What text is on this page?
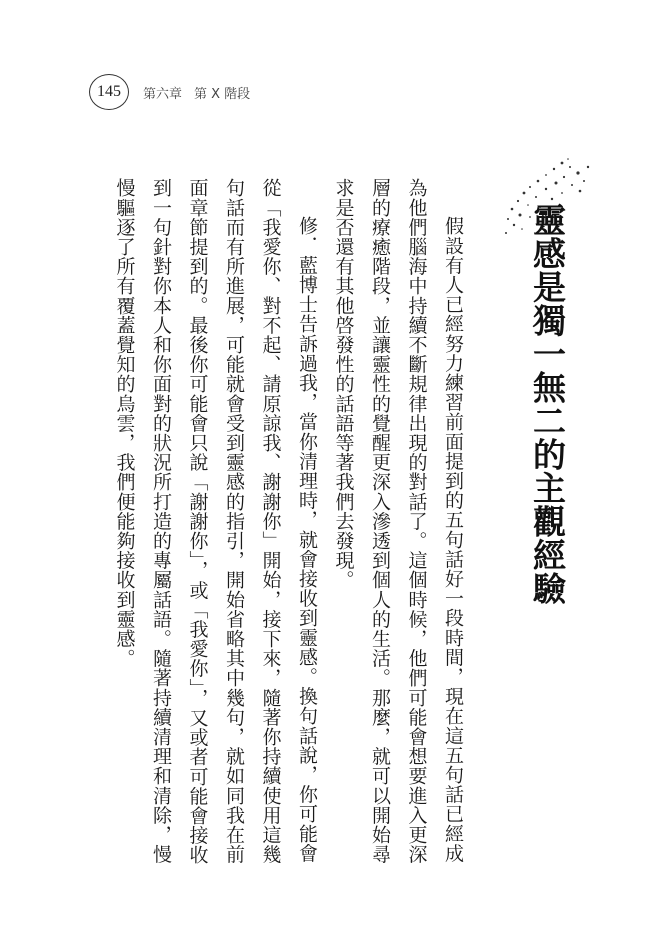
145 第六章 第 X 階段
靈感是獨一無二的主觀經驗

假設有人已經努力練習前面提到的五句話好一段時間，現在這五句話已經成為他們腦海中持續不斷規律出現的對話了。這個時候，他們可能會想要進入更深層的療癒階段，並讓靈性的覺醒更深入滲透到個人的生活。那麼，就可以開始尋求是否還有其他啓發性的話語等著我們去發現。

修．藍博士告訴過我，當你清理時，就會接收到靈感。換句話說，你可能會從「我愛你、對不起、請原諒我、謝謝你」開始，接下來，隨著你持續使用這幾句話而有所進展，可能就會受到靈感的指引，開始省略其中幾句，就如同我在前面章節提到的。最後你可能會只說「謝謝你」，或「我愛你」，又或者可能會接收到一句針對你本人和你面對的狀況所打造的專屬話語。隨著持續清理和清除，慢慢驅逐了所有覆蓋覺知的烏雲，我們便能夠接收到靈感。
